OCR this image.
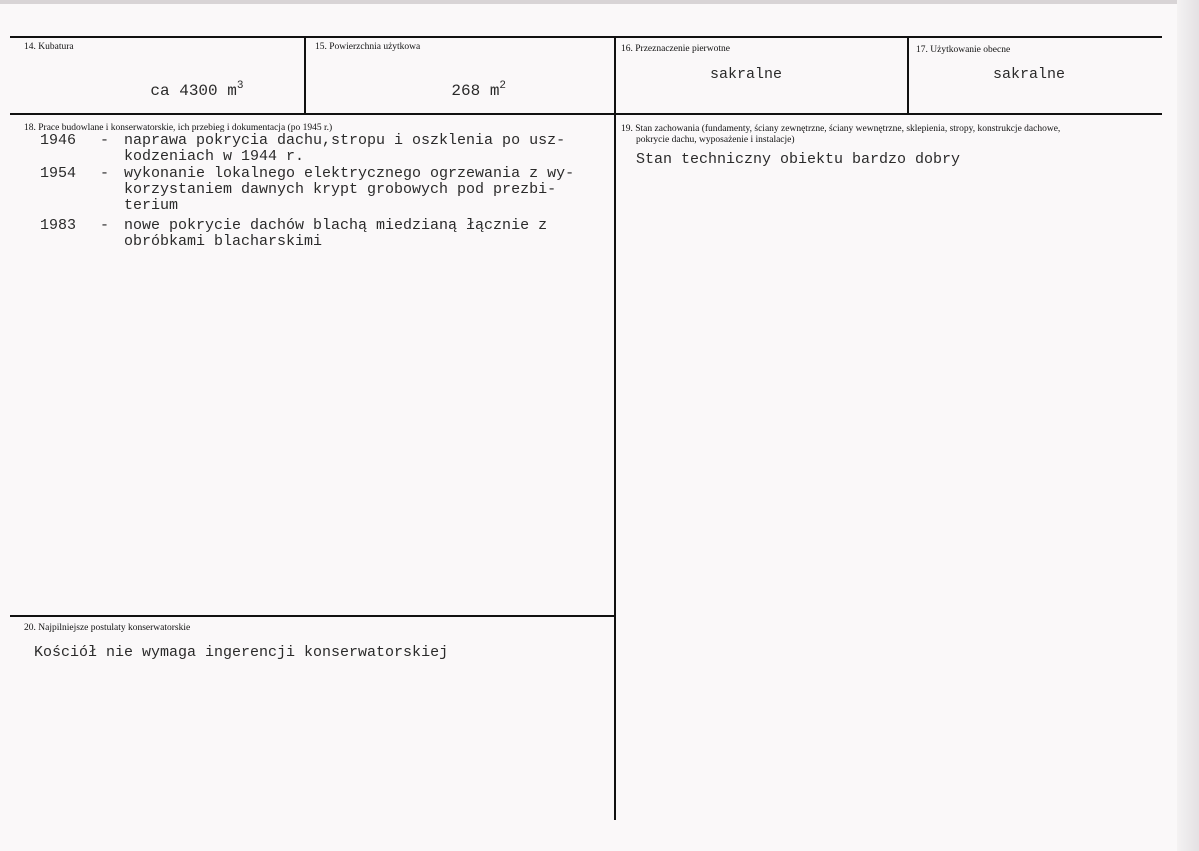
14. Kubatura

ca 4300 $m^3$

15. Powierzchnia użytkowa

268 $m^2$

16. Przeznaczenie pierwotne
sakralne
17. Użytkowanie obecne
sakralne
18. Prace budowlane i konserwatorskie, ich przebieg i dokumentacja (po 1945 r.)
1946	- naprawa pokrycia dachu,stropu i oszklenia po usz-
kodzeniach w 1944 r.
1954	- wykonanie lokalnego elektrycznego ogrzewania z wy-
korzystaniem dawnych krypt grobowych pod prezbi-
terium
1983	- nowe pokrycie dachów blachą miedzianą łącznie z
obróbkami blacharskimi
19. Stan zachowania (fundamenty, ściany zewnętrzne, ściany wewnętrzne, sklepienia, stropy, konstrukcje dachowe,
pokrycie dachu, wyposażenie i instalacje)
Stan techniczny obiektu bardzo dobry
20. Najpilniejsze postulaty konserwatorskie
Kościół nie wymaga ingerencji konserwatorskiej
